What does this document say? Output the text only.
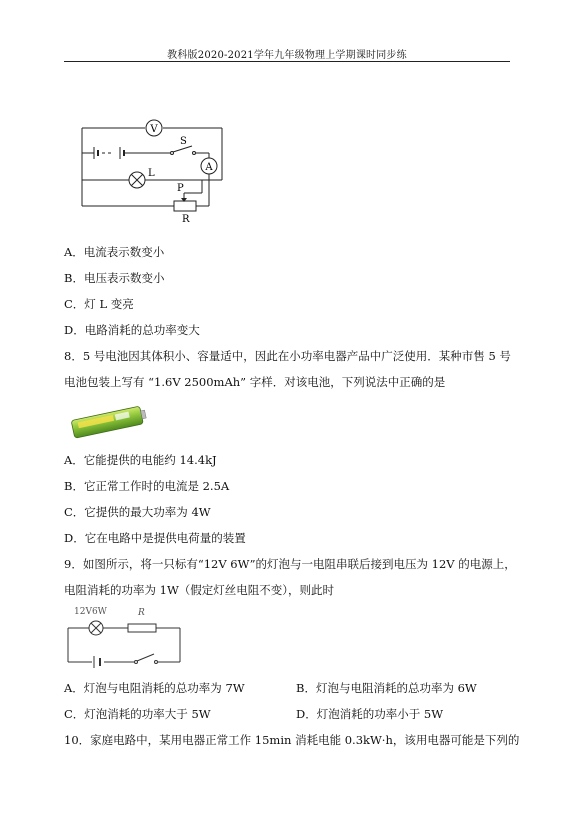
教科版2020-2021学年九年级物理上学期课时同步练
V
S
A
L
P
R
A．电流表示数变小
B．电压表示数变小
C．灯 L 变亮
D．电路消耗的总功率变大
8．5 号电池因其体积小、容量适中，因此在小功率电器产品中广泛使用．某种市售 5 号
电池包装上写有 “1.6V 2500mAh” 字样．对该电池，下列说法中正确的是
A．它能提供的电能约 14.4kJ
B．它正常工作时的电流是 2.5A
C．它提供的最大功率为 4W
D．它在电路中是提供电荷量的装置
9．如图所示，将一只标有“12V 6W”的灯泡与一电阻串联后接到电压为 12V 的电源上，
电阻消耗的功率为 1W（假定灯丝电阻不变），则此时
12V6W	R
A．灯泡与电阻消耗的总功率为 7W	B．灯泡与电阻消耗的总功率为 6W
C．灯泡消耗的功率大于 5W	D．灯泡消耗的功率小于 5W
10．家庭电路中，某用电器正常工作 15min 消耗电能 0.3kW·h，该用电器可能是下列的
